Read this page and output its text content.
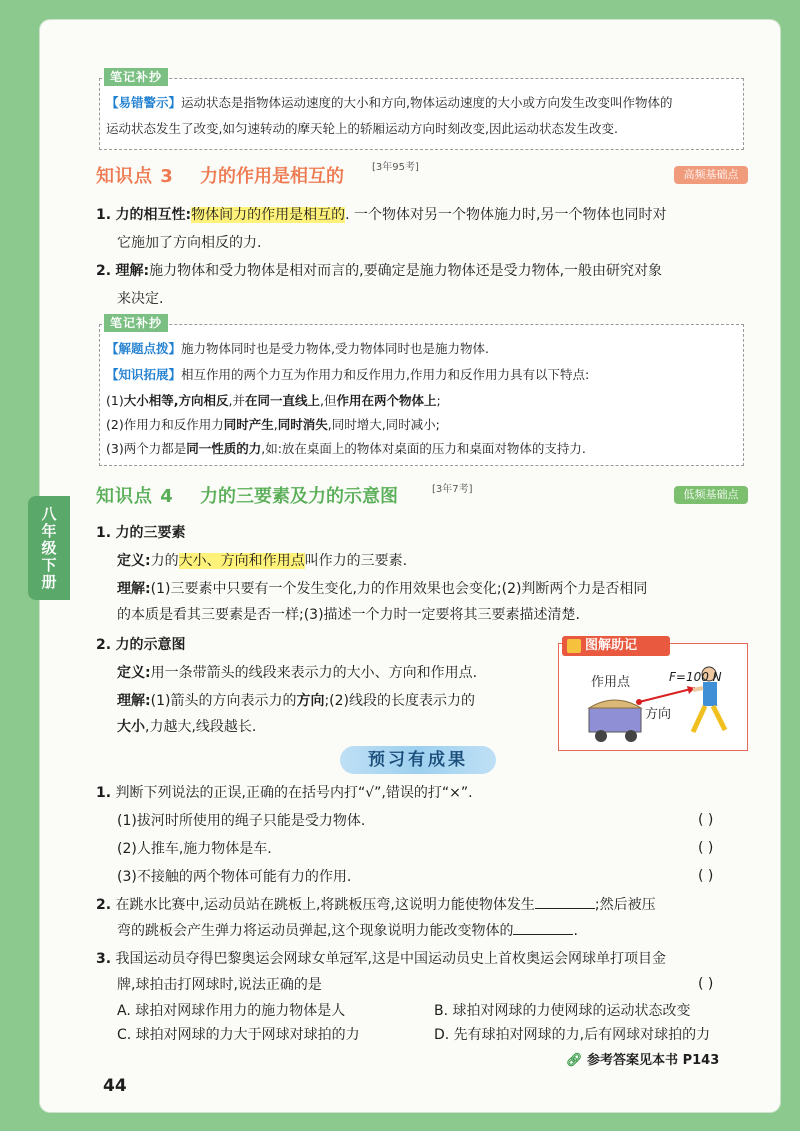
八年级下册
笔记补抄
【易错警示】运动状态是指物体运动速度的大小和方向,物体运动速度的大小或方向发生改变叫作物体的
运动状态发生了改变,如匀速转动的摩天轮上的轿厢运动方向时刻改变,因此运动状态发生改变.
知识点 3 力的作用是相互的	[3年95考]
高频基础点
1. 力的相互性:物体间力的作用是相互的. 一个物体对另一个物体施力时,另一个物体也同时对
它施加了方向相反的力.
2. 理解:施力物体和受力物体是相对而言的,要确定是施力物体还是受力物体,一般由研究对象
来决定.
笔记补抄
【解题点拨】施力物体同时也是受力物体,受力物体同时也是施力物体.
【知识拓展】相互作用的两个力互为作用力和反作用力,作用力和反作用力具有以下特点:
(1)大小相等,方向相反,并在同一直线上,但作用在两个物体上;
(2)作用力和反作用力同时产生,同时消失,同时增大,同时减小;
(3)两个力都是同一性质的力,如:放在桌面上的物体对桌面的压力和桌面对物体的支持力.
知识点 4 力的三要素及力的示意图	[3年7考]	低频基础点
1. 力的三要素
定义:力的大小、方向和作用点叫作力的三要素.
理解:(1)三要素中只要有一个发生变化,力的作用效果也会变化;(2)判断两个力是否相同
的本质是看其三要素是否一样;(3)描述一个力时一定要将其三要素描述清楚.
2. 力的示意图
定义:用一条带箭头的线段来表示力的大小、方向和作用点.
理解:(1)箭头的方向表示力的方向;(2)线段的长度表示力的
大小,力越大,线段越长.
作用点	F=100 N
方向
图解助记
预习有成果
1. 判断下列说法的正误,正确的在括号内打“√”,错误的打“×”.
(1)拔河时所使用的绳子只能是受力物体.	( )
(2)人推车,施力物体是车.	( )
(3)不接触的两个物体可能有力的作用.	( )
2. 在跳水比赛中,运动员站在跳板上,将跳板压弯,这说明力能使物体发生	;然后被压
弯的跳板会产生弹力将运动员弹起,这个现象说明力能改变物体的	.
3. 我国运动员夺得巴黎奥运会网球女单冠军,这是中国运动员史上首枚奥运会网球单打项目金
牌,球拍击打网球时,说法正确的是	( )
A. 球拍对网球作用力的施力物体是人	B. 球拍对网球的力使网球的运动状态改变
C. 球拍对网球的力大于网球对球拍的力	D. 先有球拍对网球的力,后有网球对球拍的力
🔗︎ 参考答案见本书 P143
44
